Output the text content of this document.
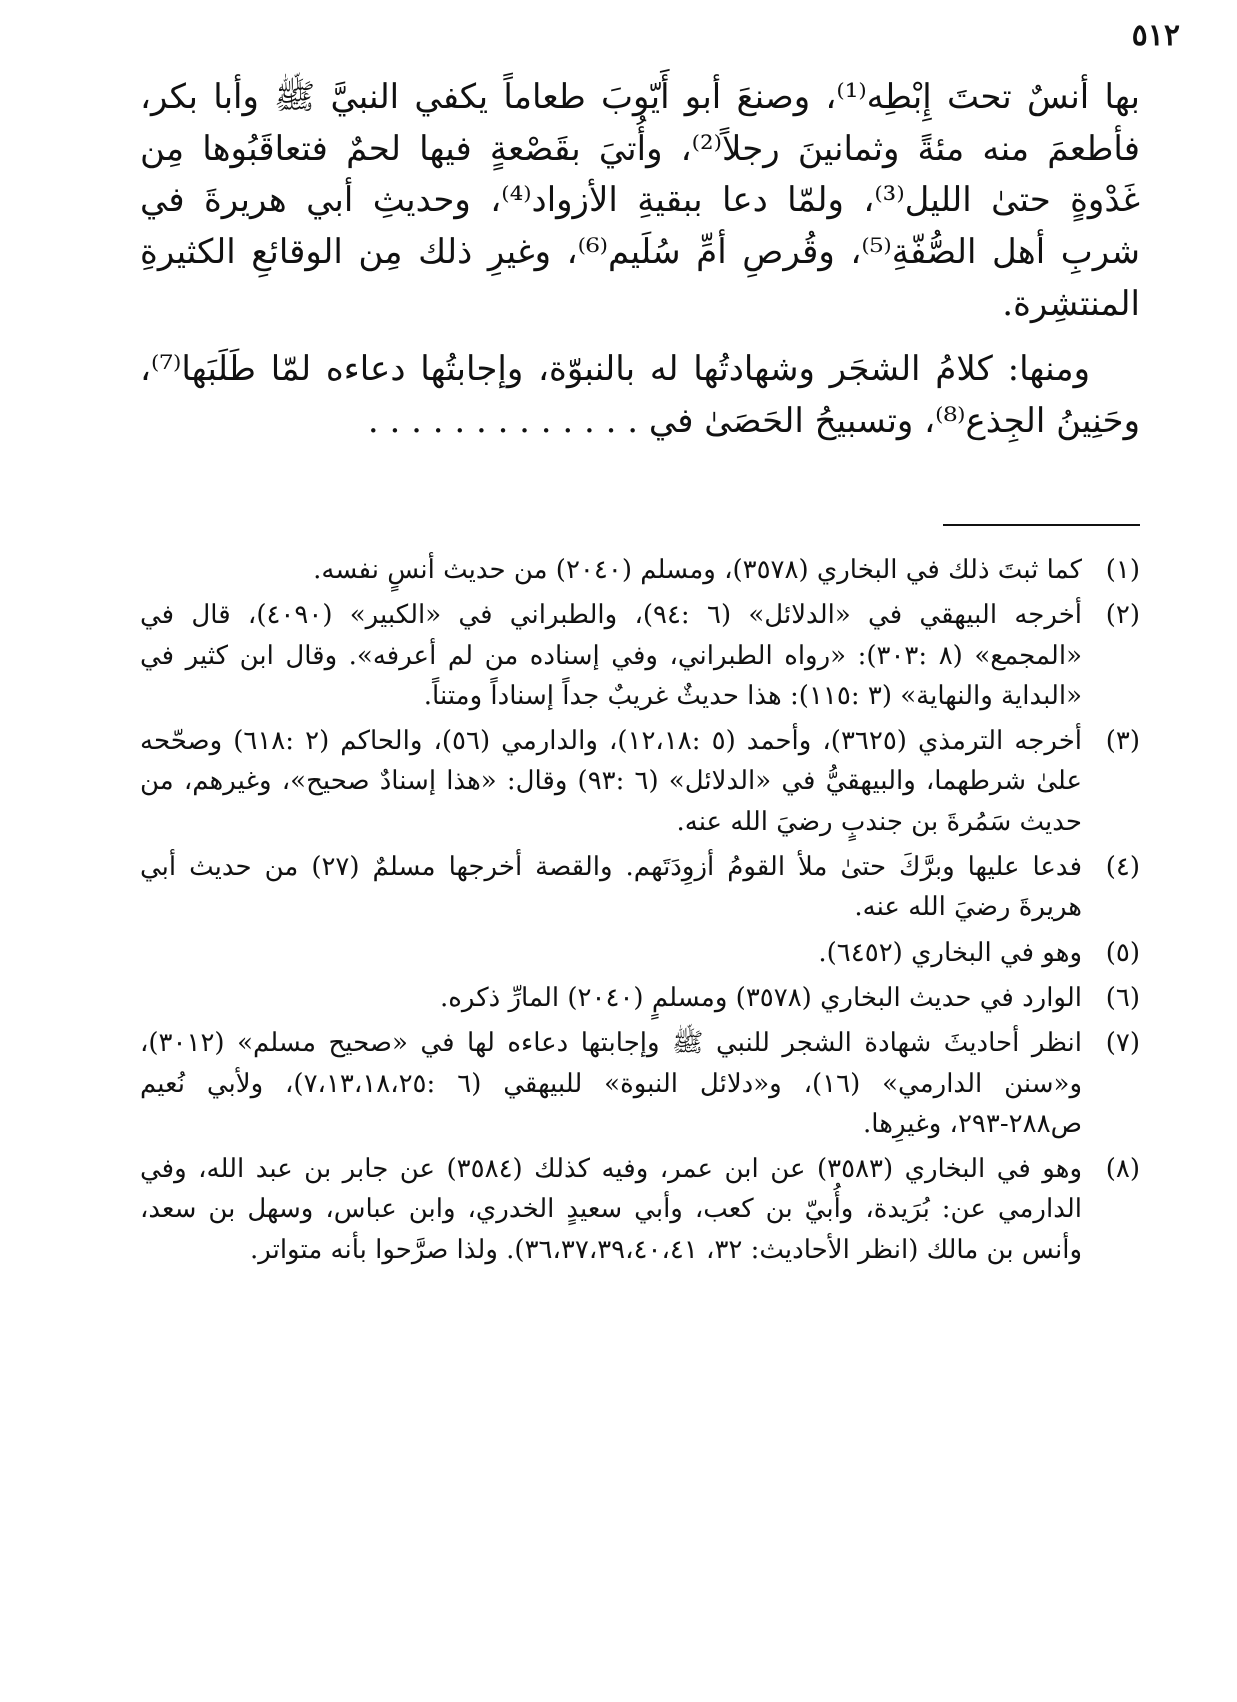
٥١٢

بها أنسٌ تحتَ إِبْطِه⁽¹⁾، وصنعَ أبو أَيّوبَ طعاماً يكفي النبيَّ ﷺ وأبا بكر، فأطعمَ منه مئةً وثمانينَ رجلاً⁽²⁾، وأُتيَ بقَصْعةٍ فيها لحمٌ فتعاقَبُوها مِن غَدْوةٍ حتىٰ الليل⁽³⁾، ولمّا دعا ببقيةِ الأزواد⁽⁴⁾، وحديثِ أبي هريرةَ في شربِ أهل الصُّفّةِ⁽⁵⁾، وقُرصِ أمِّ سُلَيم⁽⁶⁾، وغيرِ ذلك مِن الوقائعِ الكثيرةِ المنتشِرة.

ومنها: كلامُ الشجَر وشهادتُها له بالنبوّة، وإجابتُها دعاءه لمّا طَلَبَها⁽⁷⁾، وحَنِينُ الجِذع⁽⁸⁾، وتسبيحُ الحَصَىٰ في . . . . . . . . . . . . .

(١)
كما ثبتَ ذلك في البخاري (٣٥٧٨)، ومسلم (٢٠٤٠) من حديث أنسٍ نفسه.
(٢)
أخرجه البيهقي في «الدلائل» (٦ :٩٤)، والطبراني في «الكبير» (٤٠٩٠)، قال في «المجمع» (٨ :٣٠٣): «رواه الطبراني، وفي إسناده من لم أعرفه». وقال ابن كثير في «البداية والنهاية» (٣ :١١٥): هذا حديثٌ غريبٌ جداً إسناداً ومتناً.
(٣)
أخرجه الترمذي (٣٦٢٥)، وأحمد (٥ :١٢،١٨)، والدارمي (٥٦)، والحاكم (٢ :٦١٨) وصحّحه علىٰ شرطهما، والبيهقيُّ في «الدلائل» (٦ :٩٣) وقال: «هذا إسنادٌ صحيح»، وغيرهم، من حديث سَمُرةَ بن جندبٍ رضيَ الله عنه.
(٤)
فدعا عليها وبرَّكَ حتىٰ ملأ القومُ أزوِدَتَهم. والقصة أخرجها مسلمٌ (٢٧) من حديث أبي هريرةَ رضيَ الله عنه.
(٥)
وهو في البخاري (٦٤٥٢).
(٦)
الوارد في حديث البخاري (٣٥٧٨) ومسلمٍ (٢٠٤٠) المارِّ ذكره.
(٧)
انظر أحاديثَ شهادة الشجر للنبي ﷺ وإجابتها دعاءه لها في «صحيح مسلم» (٣٠١٢)، و«سنن الدارمي» (١٦)، و«دلائل النبوة» للبيهقي (٦ :٧،١٣،١٨،٢٥)، ولأبي نُعيم ص٢٨٨-٢٩٣، وغيرِها.
(٨)
وهو في البخاري (٣٥٨٣) عن ابن عمر، وفيه كذلك (٣٥٨٤) عن جابر بن عبد الله، وفي الدارمي عن: بُرَيدة، وأُبيّ بن كعب، وأبي سعيدٍ الخدري، وابن عباس، وسهل بن سعد، وأنس بن مالك (انظر الأحاديث: ٣٢، ٣٦،٣٧،٣٩،٤٠،٤١). ولذا صرَّحوا بأنه متواتر.
